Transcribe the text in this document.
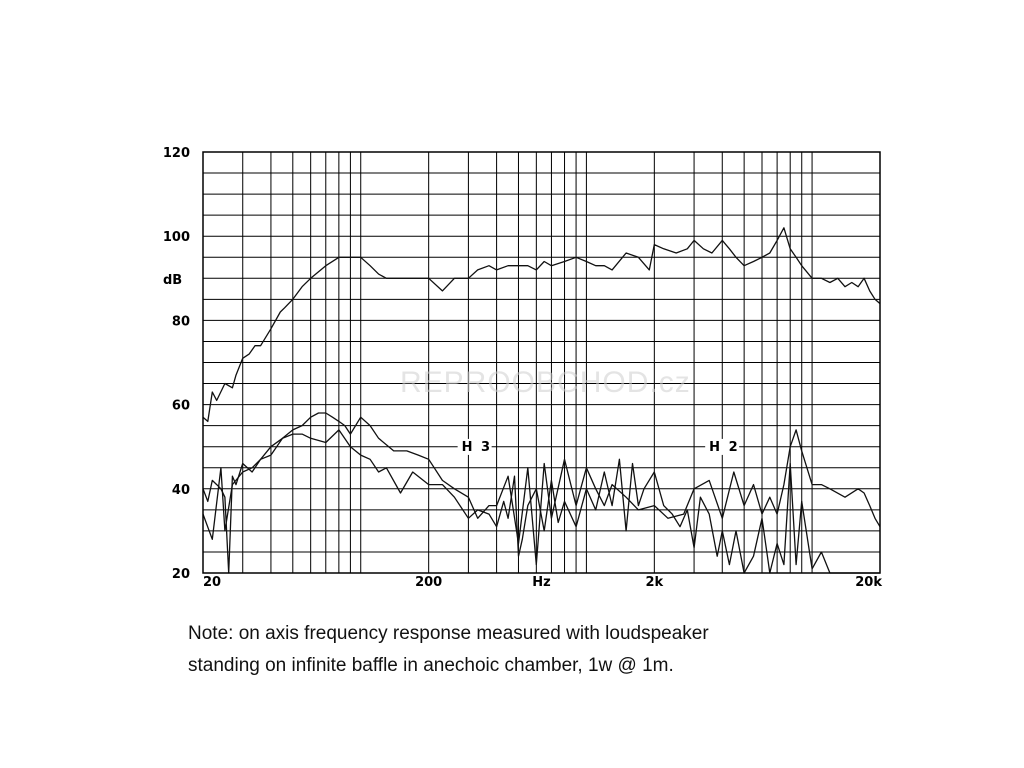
20
40
60
80
100
120
20	200	2k	20k
Hz
dB
REPROOBCHOD.cz
H 3	H 2
Note: on axis frequency response measured with loudspeaker
standing on infinite baffle in anechoic chamber, 1w @ 1m.
